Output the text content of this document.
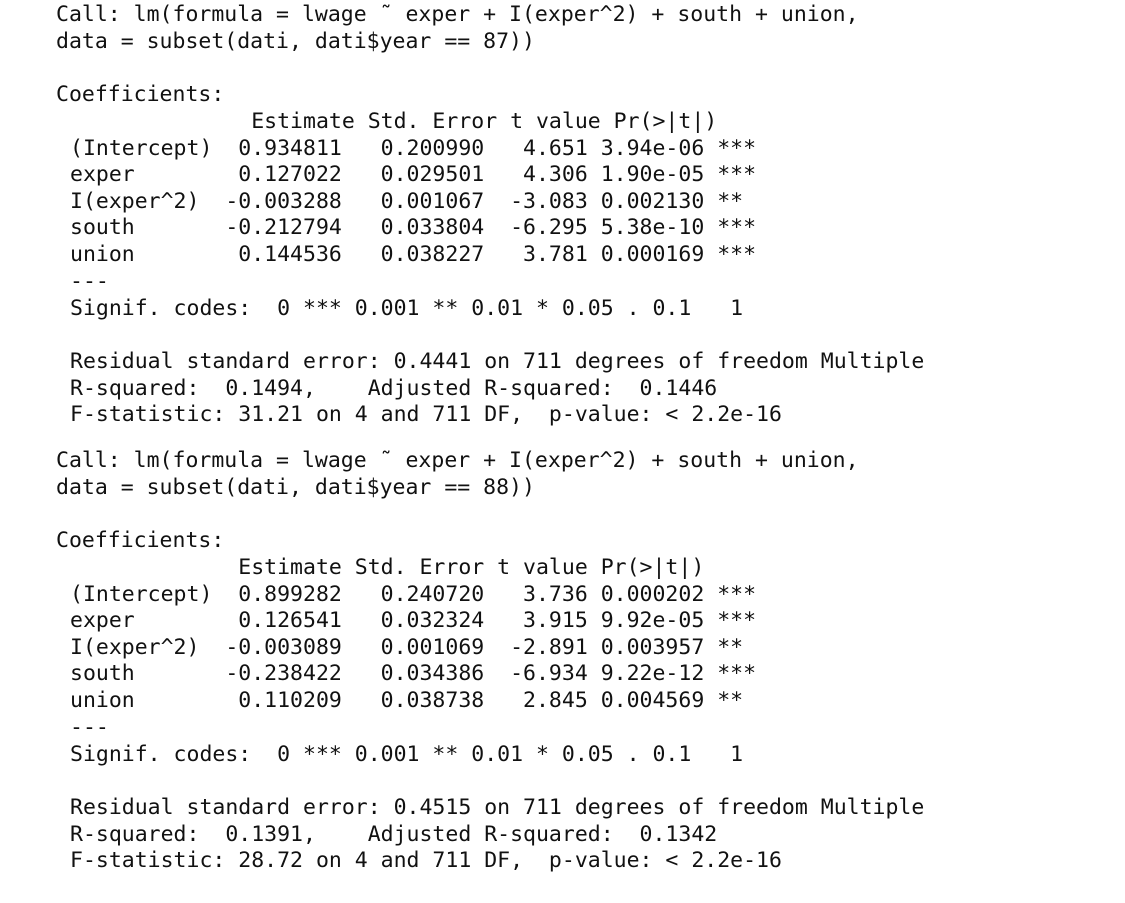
Call: lm(formula = lwage ˜ exper + I(exper^2) + south + union,
data = subset(dati, dati$year == 87))
Coefficients:
Estimate Std. Error t value Pr(>|t|)
(Intercept)  0.934811   0.200990   4.651 3.94e-06 ***
exper        0.127022   0.029501   4.306 1.90e-05 ***
I(exper^2)  -0.003288   0.001067  -3.083 0.002130 **
south       -0.212794   0.033804  -6.295 5.38e-10 ***
union        0.144536   0.038227   3.781 0.000169 ***
---
Signif. codes:  0 *** 0.001 ** 0.01 * 0.05 . 0.1   1
Residual standard error: 0.4441 on 711 degrees of freedom Multiple
R-squared:  0.1494,    Adjusted R-squared:  0.1446
F-statistic: 31.21 on 4 and 711 DF,  p-value: < 2.2e-16
Call: lm(formula = lwage ˜ exper + I(exper^2) + south + union,
data = subset(dati, dati$year == 88))
Coefficients:
Estimate Std. Error t value Pr(>|t|)
(Intercept)  0.899282   0.240720   3.736 0.000202 ***
exper        0.126541   0.032324   3.915 9.92e-05 ***
I(exper^2)  -0.003089   0.001069  -2.891 0.003957 **
south       -0.238422   0.034386  -6.934 9.22e-12 ***
union        0.110209   0.038738   2.845 0.004569 **
---
Signif. codes:  0 *** 0.001 ** 0.01 * 0.05 . 0.1   1
Residual standard error: 0.4515 on 711 degrees of freedom Multiple
R-squared:  0.1391,    Adjusted R-squared:  0.1342
F-statistic: 28.72 on 4 and 711 DF,  p-value: < 2.2e-16
